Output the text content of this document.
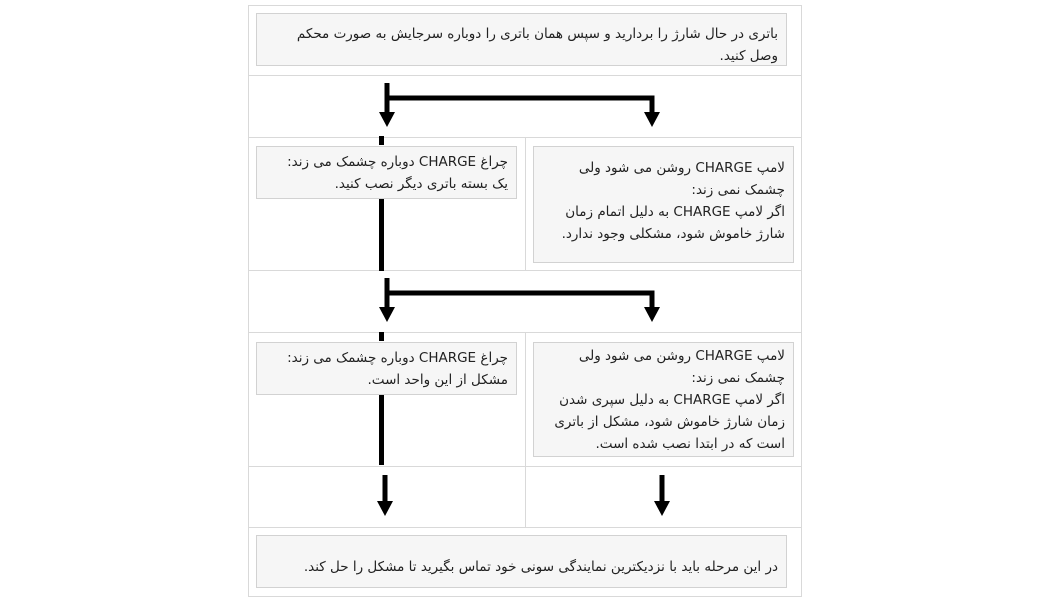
باتری در حال شارژ را بردارید و سپس همان باتری را دوباره سرجایش به صورت محکم وصل کنید.
چراغ CHARGE دوباره چشمک می زند:
یک بسته باتری دیگر نصب کنید.
لامپ CHARGE روشن می شود ولی چشمک نمی زند:
اگر لامپ CHARGE به دلیل اتمام زمان شارژ خاموش شود، مشکلی وجود ندارد.
چراغ CHARGE دوباره چشمک می زند:
مشکل از این واحد است.
لامپ CHARGE روشن می شود ولی چشمک نمی زند:
اگر لامپ CHARGE به دلیل سپری شدن زمان شارژ خاموش شود، مشکل از باتری است که در ابتدا نصب شده است.
در این مرحله باید با نزدیکترین نمایندگی سونی خود تماس بگیرید تا مشکل را حل کند.
